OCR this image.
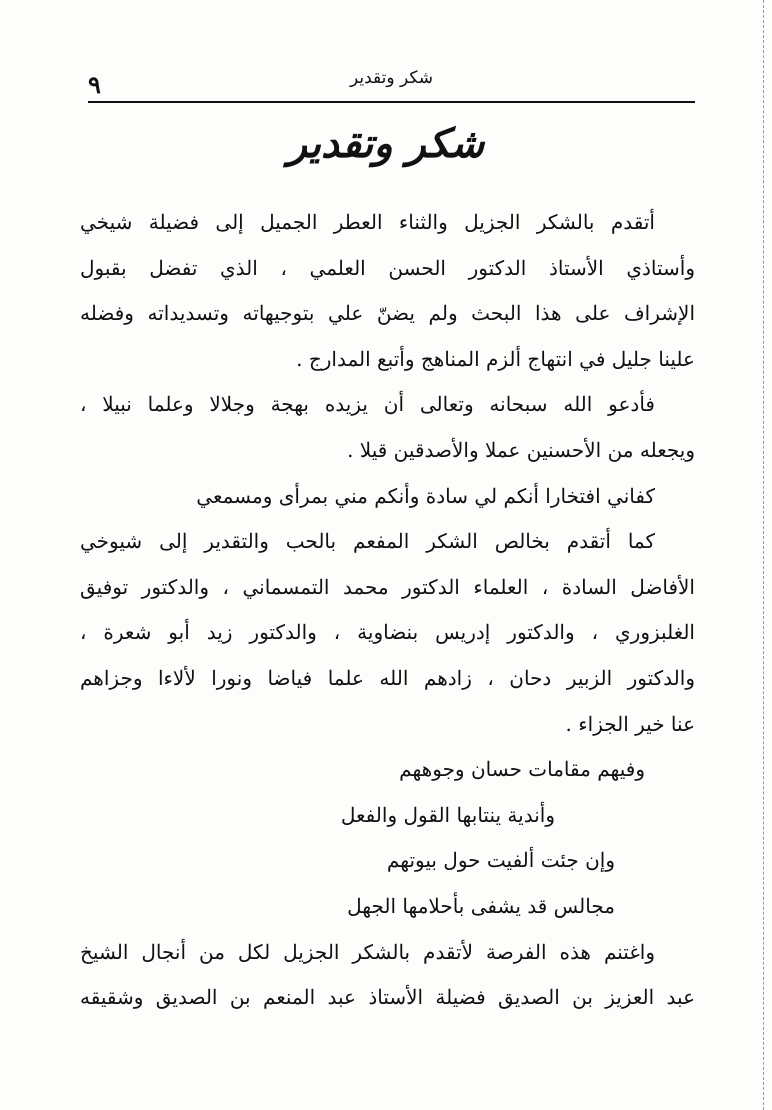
٩	شكر وتقدير
شكر وتقدير

أتقدم بالشكر الجزيل والثناء العطر الجميل إلى فضيلة شيخي

وأستاذي الأستاذ الدكتور الحسن العلمي ، الذي تفضل بقبول

الإشراف على هذا البحث ولم يضنّ علي بتوجيهاته وتسديداته وفضله

علينا جليل في انتهاج ألزم المناهج وأتبع المدارج .

فأدعو الله سبحانه وتعالى أن يزيده بهجة وجلالا وعلما نبيلا ،

ويجعله من الأحسنين عملا والأصدقين قيلا .

كفاني افتخارا أنكم لي سادة وأنكم مني بمرأى ومسمعي

كما أتقدم بخالص الشكر المفعم بالحب والتقدير إلى شيوخي

الأفاضل السادة ، العلماء الدكتور محمد التمسماني ، والدكتور توفيق

الغلبزوري ، والدكتور إدريس بنضاوية ، والدكتور زيد أبو شعرة ،

والدكتور الزبير دحان ، زادهم الله علما فياضا ونورا لألاءا وجزاهم

عنا خير الجزاء .

وفيهم مقامات حسان وجوههم

وأندية ينتابها القول والفعل

وإن جئت ألفيت حول بيوتهم

مجالس قد يشفى بأحلامها الجهل

واغتنم هذه الفرصة لأتقدم بالشكر الجزيل لكل من أنجال الشيخ

عبد العزيز بن الصديق فضيلة الأستاذ عبد المنعم بن الصديق وشقيقه
